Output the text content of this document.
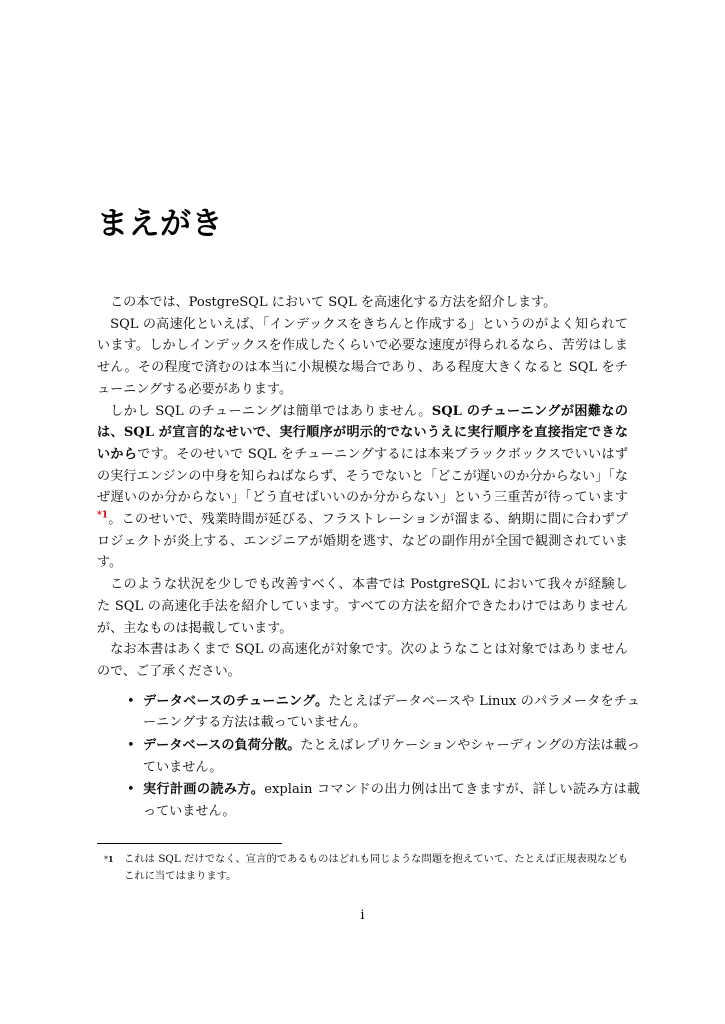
まえがき

この本では、PostgreSQL において SQL を高速化する方法を紹介します。

SQL の高速化といえば、「インデックスをきちんと作成する」というのがよく知られています。しかしインデックスを作成したくらいで必要な速度が得られるなら、苦労はしません。その程度で済むのは本当に小規模な場合であり、ある程度大きくなると SQL をチューニングする必要があります。

しかし SQL のチューニングは簡単ではありません。SQL のチューニングが困難なのは、SQL が宣言的なせいで、実行順序が明示的でないうえに実行順序を直接指定できないからです。そのせいで SQL をチューニングするには本来ブラックボックスでいいはずの実行エンジンの中身を知らねばならず、そうでないと「どこが遅いのか分からない」「なぜ遅いのか分からない」「どう直せばいいのか分からない」という三重苦が待っています$^{*1}$。このせいで、残業時間が延びる、フラストレーションが溜まる、納期に間に合わずプロジェクトが炎上する、エンジニアが婚期を逃す、などの副作用が全国で観測されています。

このような状況を少しでも改善すべく、本書では PostgreSQL において我々が経験した SQL の高速化手法を紹介しています。すべての方法を紹介できたわけではありませんが、主なものは掲載しています。

なお本書はあくまで SQL の高速化が対象です。次のようなことは対象ではありませんので、ご了承ください。

• データベースのチューニング。たとえばデータベースや Linux のパラメータをチューニングする方法は載っていません。
• データベースの負荷分散。たとえばレプリケーションやシャーディングの方法は載っていません。
• 実行計画の読み方。explain コマンドの出力例は出てきますが、詳しい読み方は載っていません。
*1 これは SQL だけでなく、宣言的であるものはどれも同じような問題を抱えていて、たとえば正規表現などもこれに当てはまります。
i
